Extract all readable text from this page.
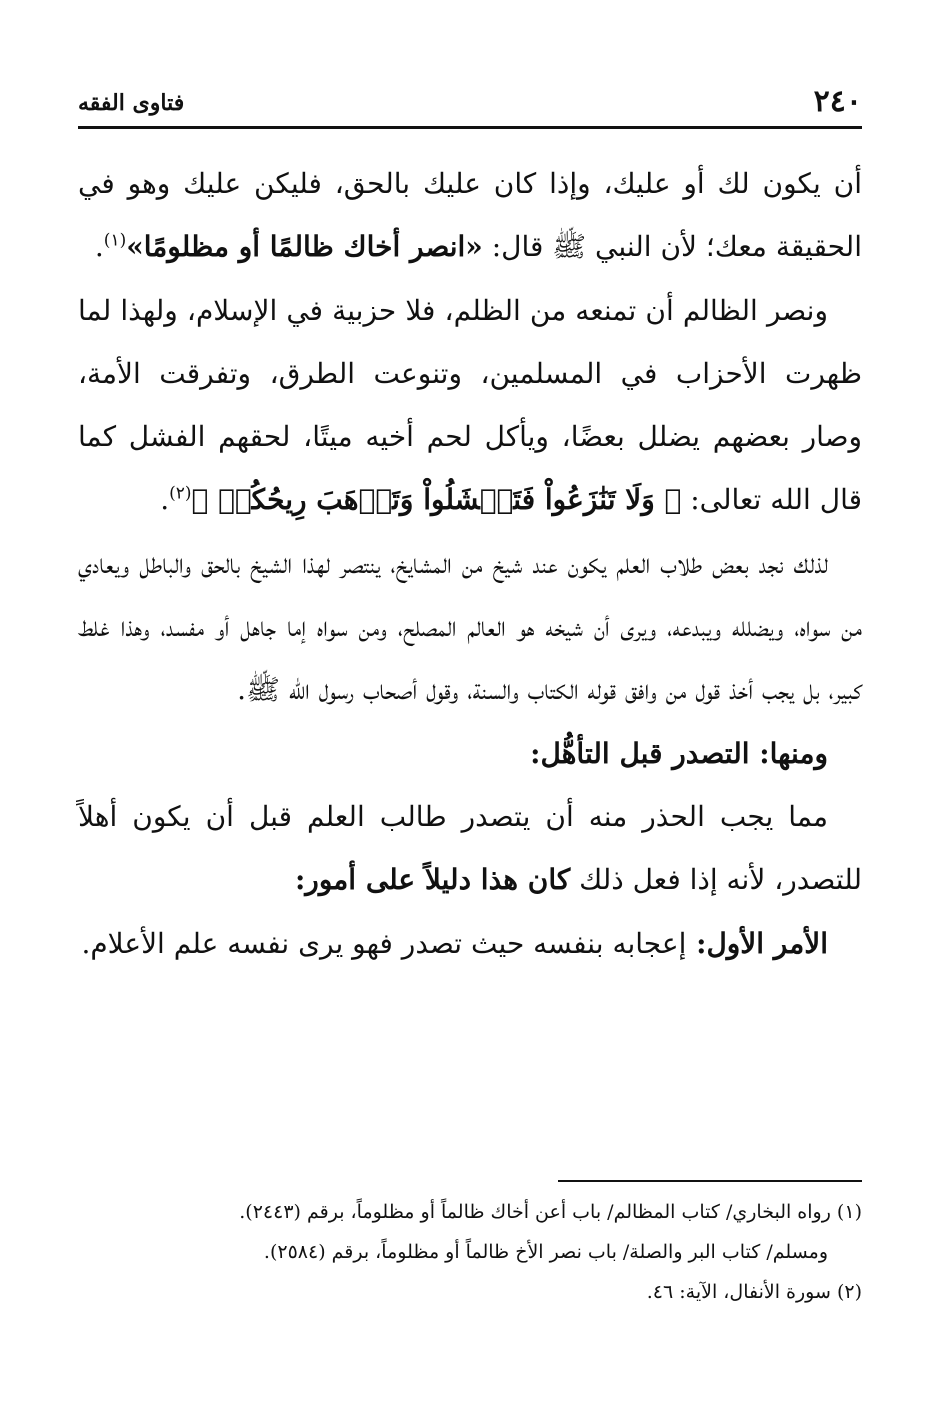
٢٤٠
فتاوى الفقه

أن يكون لك أو عليك، وإذا كان عليك بالحق، فليكن عليك وهو في الحقيقة معك؛ لأن النبي ﷺ قال: «انصر أخاك ظالمًا أو مظلومًا»$^{(١)}$.

ونصر الظالم أن تمنعه من الظلم، فلا حزبية في الإسلام، ولهذا لما ظهرت الأحزاب في المسلمين، وتنوعت الطرق، وتفرقت الأمة، وصار بعضهم يضلل بعضًا، ويأكل لحم أخيه ميتًا، لحقهم الفشل كما قال الله تعالى: ﴿ وَلَا تَنَٰزَعُواْ فَتَفۡشَلُواْ وَتَذۡهَبَ رِيحُكُمۡ ﴾$^{(٢)}$.

لذلك نجد بعض طلاب العلم يكون عند شيخ من المشايخ، ينتصر لهذا الشيخ بالحق والباطل ويعادي من سواه، ويضلله ويبدعه، ويرى أن شيخه هو العالم المصلح، ومن سواه إما جاهل أو مفسد، وهذا غلط كبير، بل يجب أخذ قول من وافق قوله الكتاب والسنة، وقول أصحاب رسول الله ﷺ.

ومنها: التصدر قبل التأهُّل:

مما يجب الحذر منه أن يتصدر طالب العلم قبل أن يكون أهلاً للتصدر، لأنه إذا فعل ذلك كان هذا دليلاً على أمور:

الأمر الأول: إعجابه بنفسه حيث تصدر فهو يرى نفسه علم الأعلام.

(١) رواه البخاري/ كتاب المظالم/ باب أعن أخاك ظالماً أو مظلوماً، برقم (٢٤٤٣).

ومسلم/ كتاب البر والصلة/ باب نصر الأخ ظالماً أو مظلوماً، برقم (٢٥٨٤).

(٢) سورة الأنفال، الآية: ٤٦.
